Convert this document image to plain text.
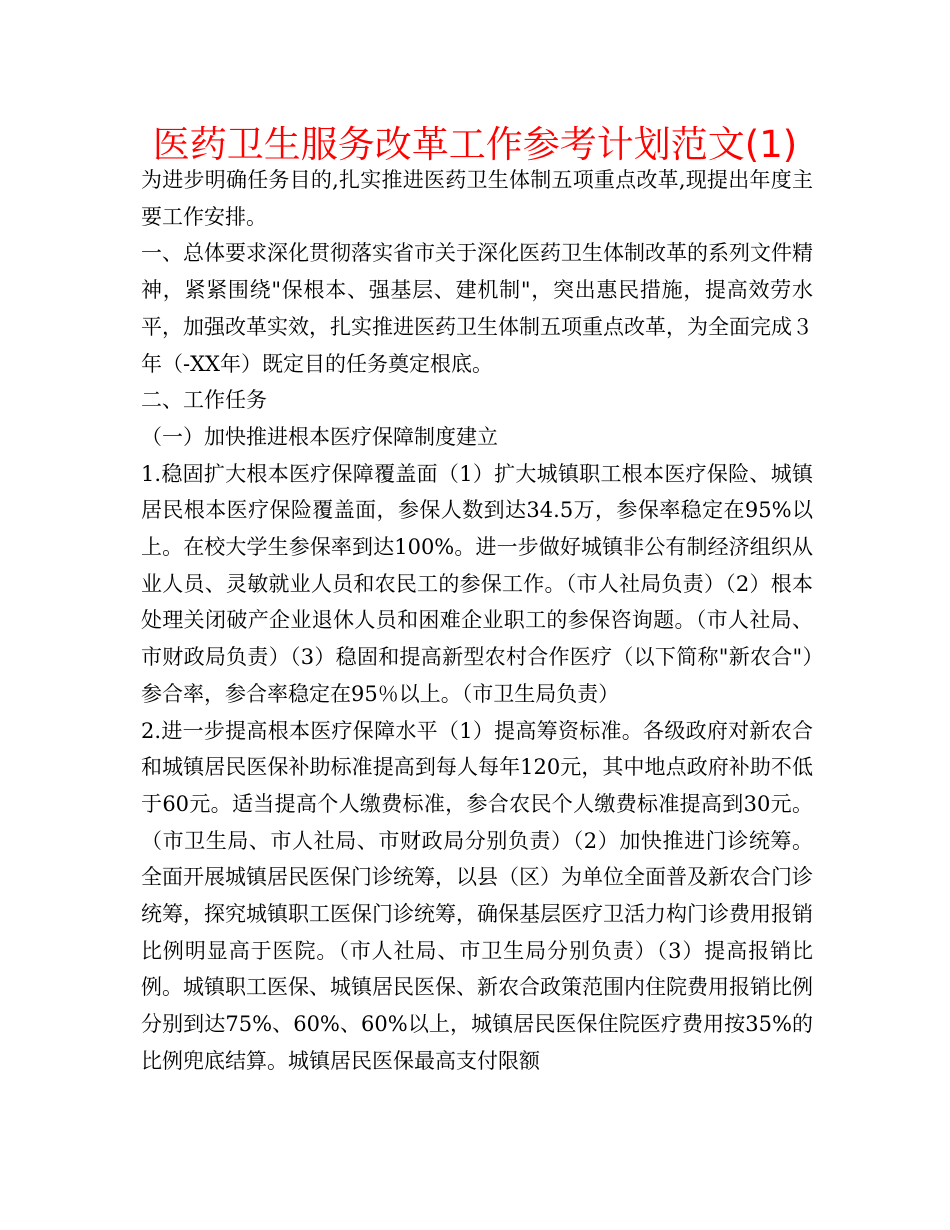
医药卫生服务改革工作参考计划范文(1)

为进步明确任务目的,扎实推进医药卫生体制五项重点改革,现提出年度主要工作安排。

一、总体要求深化贯彻落实省市关于深化医药卫生体制改革的系列文件精神，紧紧围绕"保根本、强基层、建机制"，突出惠民措施，提高效劳水平，加强改革实效，扎实推进医药卫生体制五项重点改革，为全面完成３年（-XX年）既定目的任务奠定根底。

二、工作任务

（一）加快推进根本医疗保障制度建立

1.稳固扩大根本医疗保障覆盖面（1）扩大城镇职工根本医疗保险、城镇居民根本医疗保险覆盖面，参保人数到达34.5万，参保率稳定在95%以上。在校大学生参保率到达100%。进一步做好城镇非公有制经济组织从业人员、灵敏就业人员和农民工的参保工作。（市人社局负责）（2）根本处理关闭破产企业退休人员和困难企业职工的参保咨询题。（市人社局、市财政局负责）（3）稳固和提高新型农村合作医疗（以下简称"新农合"）参合率，参合率稳定在95％以上。（市卫生局负责）

2.进一步提高根本医疗保障水平（1）提高筹资标准。各级政府对新农合和城镇居民医保补助标准提高到每人每年120元，其中地点政府补助不低于60元。适当提高个人缴费标准，参合农民个人缴费标准提高到30元。（市卫生局、市人社局、市财政局分别负责）（2）加快推进门诊统筹。全面开展城镇居民医保门诊统筹，以县（区）为单位全面普及新农合门诊统筹，探究城镇职工医保门诊统筹，确保基层医疗卫活力构门诊费用报销比例明显高于医院。（市人社局、市卫生局分别负责）（3）提高报销比例。城镇职工医保、城镇居民医保、新农合政策范围内住院费用报销比例分别到达75%、60%、60%以上，城镇居民医保住院医疗费用按35%的比例兜底结算。城镇居民医保最高支付限额
